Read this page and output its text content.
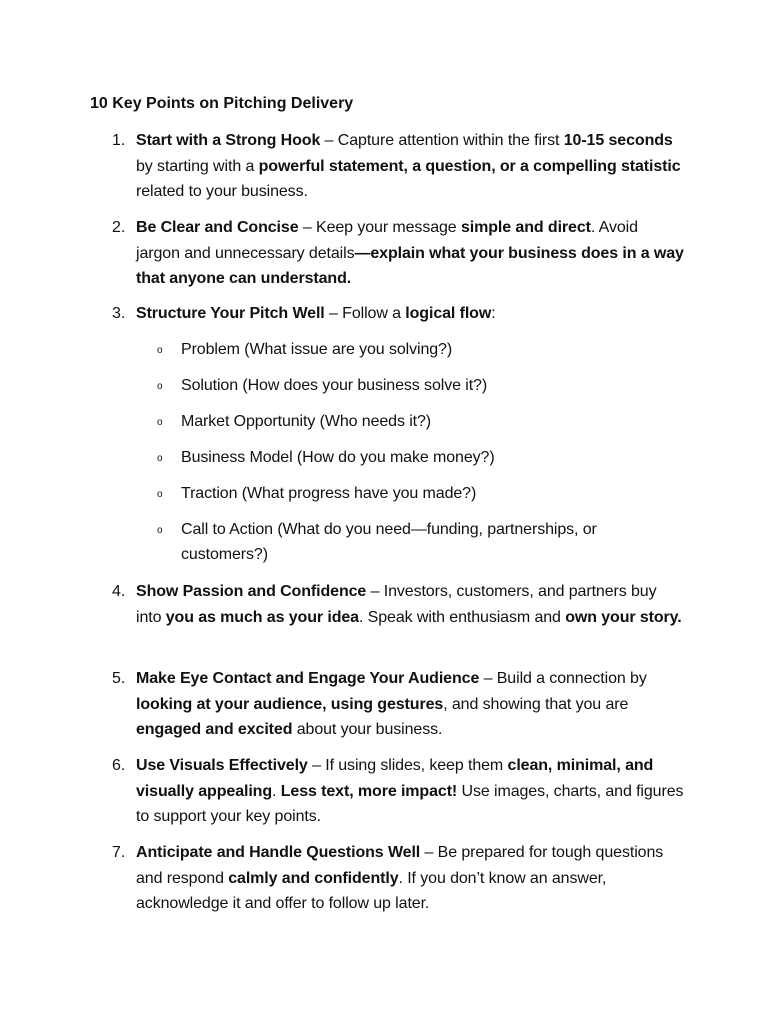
10 Key Points on Pitching Delivery
1. Start with a Strong Hook – Capture attention within the first 10-15 seconds by starting with a powerful statement, a question, or a compelling statistic related to your business.
2. Be Clear and Concise – Keep your message simple and direct. Avoid jargon and unnecessary details—explain what your business does in a way that anyone can understand.
3. Structure Your Pitch Well – Follow a logical flow:
o Problem (What issue are you solving?)
o Solution (How does your business solve it?)
o Market Opportunity (Who needs it?)
o Business Model (How do you make money?)
o Traction (What progress have you made?)
o Call to Action (What do you need—funding, partnerships, or customers?)
4. Show Passion and Confidence – Investors, customers, and partners buy into you as much as your idea. Speak with enthusiasm and own your story.
5. Make Eye Contact and Engage Your Audience – Build a connection by looking at your audience, using gestures, and showing that you are engaged and excited about your business.
6. Use Visuals Effectively – If using slides, keep them clean, minimal, and visually appealing. Less text, more impact! Use images, charts, and figures to support your key points.
7. Anticipate and Handle Questions Well – Be prepared for tough questions and respond calmly and confidently. If you don’t know an answer, acknowledge it and offer to follow up later.
